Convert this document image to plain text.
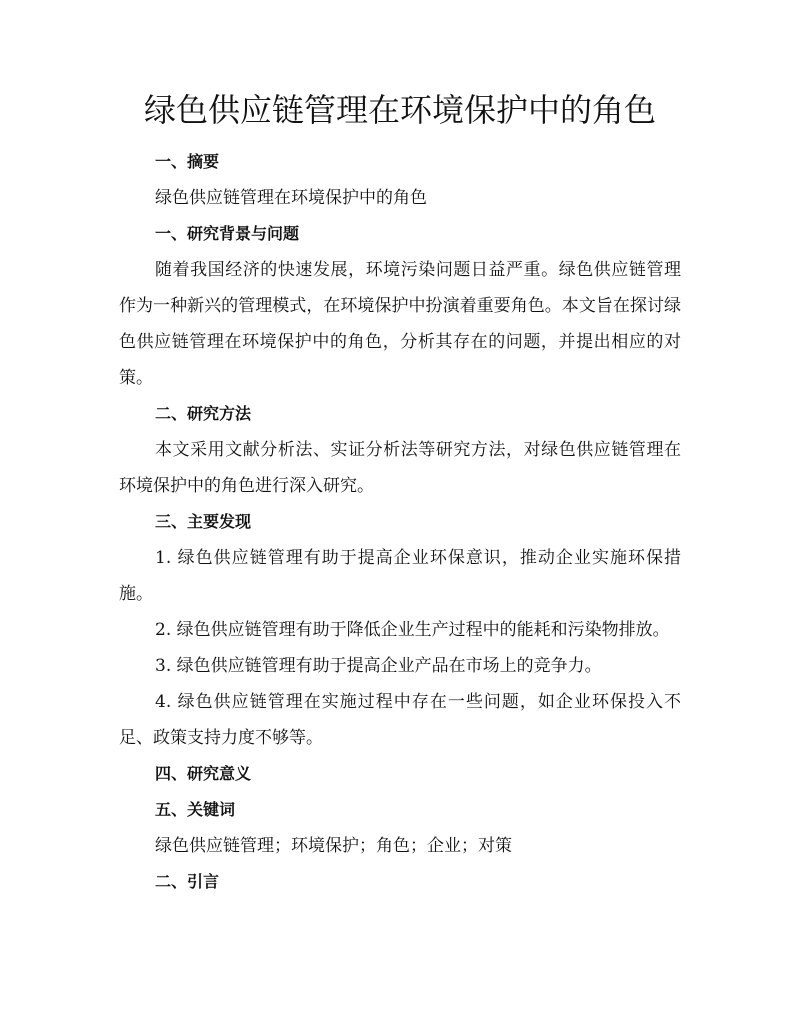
绿色供应链管理在环境保护中的角色
一、摘要
绿色供应链管理在环境保护中的角色
一、研究背景与问题
随着我国经济的快速发展，环境污染问题日益严重。绿色供应链管理作为一种新兴的管理模式，在环境保护中扮演着重要角色。本文旨在探讨绿色供应链管理在环境保护中的角色，分析其存在的问题，并提出相应的对策。
二、研究方法
本文采用文献分析法、实证分析法等研究方法，对绿色供应链管理在环境保护中的角色进行深入研究。
三、主要发现
1. 绿色供应链管理有助于提高企业环保意识，推动企业实施环保措施。
2. 绿色供应链管理有助于降低企业生产过程中的能耗和污染物排放。
3. 绿色供应链管理有助于提高企业产品在市场上的竞争力。
4. 绿色供应链管理在实施过程中存在一些问题，如企业环保投入不足、政策支持力度不够等。
四、研究意义
五、关键词
绿色供应链管理；环境保护；角色；企业；对策
二、引言
